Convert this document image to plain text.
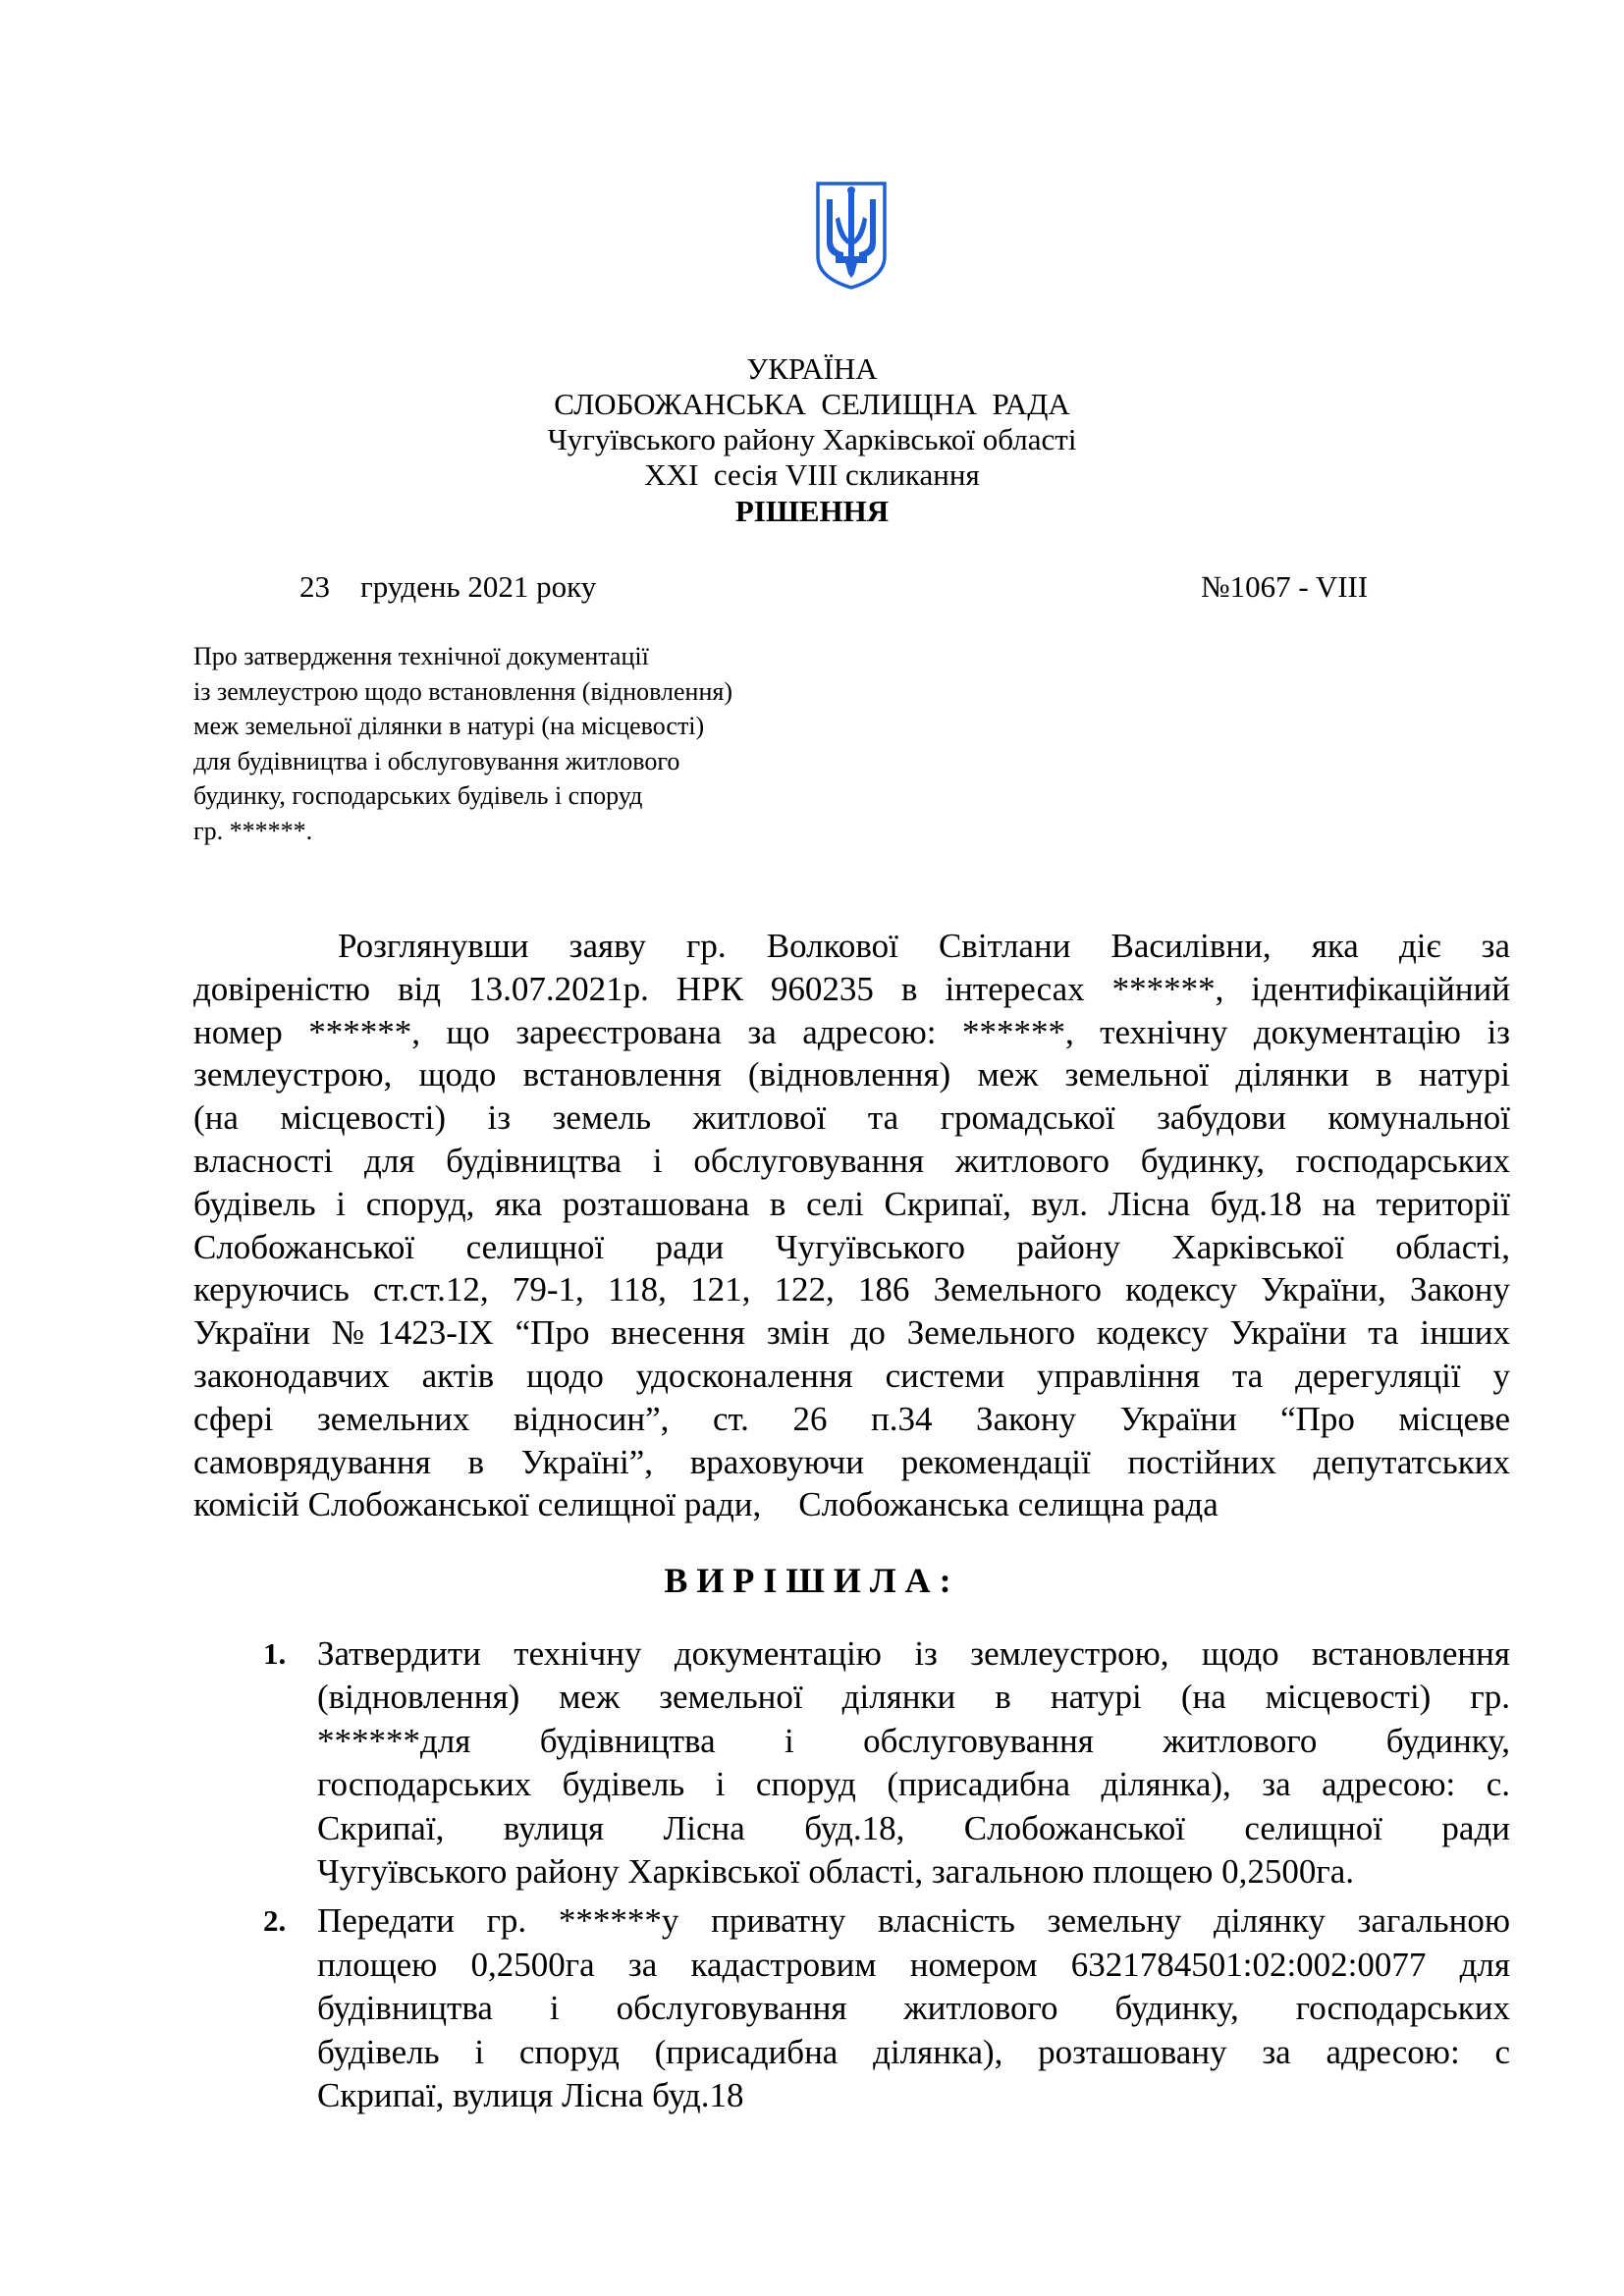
УКРАЇНА
СЛОБОЖАНСЬКА  СЕЛИЩНА  РАДА
Чугуївського району Харківської області
XXI  сесія VIII скликання
РІШЕННЯ
23    грудень 2021 року	№1067 - VIII
Про затвердження технічної документації
із землеустрою щодо встановлення (відновлення)
меж земельної ділянки в натурі (на місцевості)
для будівництва і обслуговування житлового
будинку, господарських будівель і споруд
гр. ******.
Розглянувши заяву гр. Волкової Світлани Василівни, яка діє за
довіреністю від 13.07.2021р. НРК 960235 в інтересах ******, ідентифікаційний
номер ******, що зареєстрована за адресою: ******, технічну документацію із
землеустрою, щодо встановлення (відновлення) меж земельної ділянки в натурі
(на місцевості) із земель житлової та громадської забудови комунальної
власності для будівництва і обслуговування житлового будинку, господарських
будівель і споруд, яка розташована в селі Скрипаї, вул. Лісна буд.18 на території
Слобожанської селищної ради Чугуївського району Харківської області,
керуючись ст.ст.12, 79-1, 118, 121, 122, 186 Земельного кодексу України, Закону
України №1423-IX “Про внесення змін до Земельного кодексу України та інших
законодавчих актів щодо удосконалення системи управління та дерегуляції у
сфері земельних відносин”, ст. 26 п.34 Закону України “Про місцеве
самоврядування в Україні”, враховуючи рекомендації постійних депутатських
комісій Слобожанської селищної ради, Слобожанська селищна рада
ВИРІШИЛА:
1. Затвердити технічну документацію із землеустрою, щодо встановлення
(відновлення) меж земельної ділянки в натурі (на місцевості) гр.
******для будівництва і обслуговування житлового будинку,
господарських будівель і споруд (присадибна ділянка), за адресою: с.
Скрипаї, вулиця Лісна буд.18, Слобожанської селищної ради
Чугуївського району Харківської області, загальною площею 0,2500га.
2. Передати гр. ******у приватну власність земельну ділянку загальною
площею 0,2500га за кадастровим номером 6321784501:02:002:0077 для
будівництва і обслуговування житлового будинку, господарських
будівель і споруд (присадибна ділянка), розташовану за адресою: с
Скрипаї, вулиця Лісна буд.18
